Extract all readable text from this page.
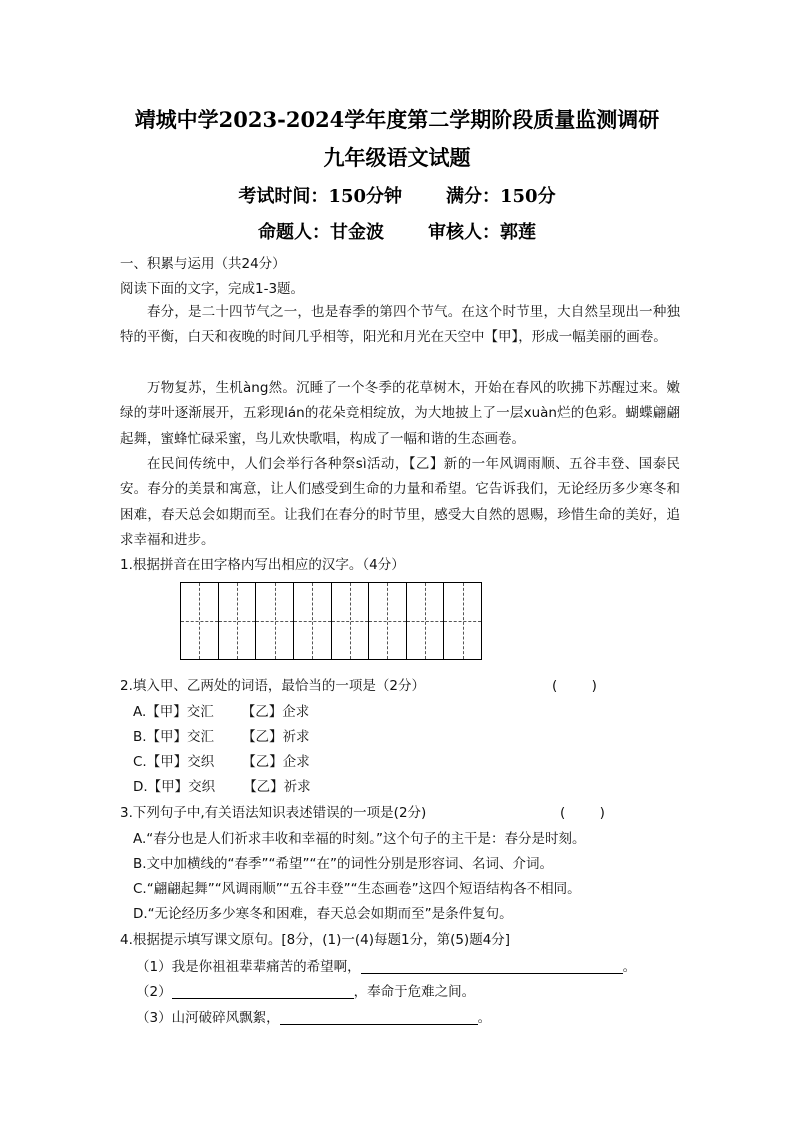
靖城中学2023-2024学年度第二学期阶段质量监测调研
九年级语文试题
考试时间：150分钟 满分：150分
命题人：甘金波 审核人：郭莲
一、积累与运用（共24分）
阅读下面的文字，完成1-3题。
春分，是二十四节气之一，也是春季的第四个节气。在这个时节里，大自然呈现出一种独特的平衡，白天和夜晚的时间几乎相等，阳光和月光在天空中【甲】，形成一幅美丽的画卷。
万物复苏，生机àng然。沉睡了一个冬季的花草树木，开始在春风的吹拂下苏醒过来。嫩绿的芽叶逐渐展开，五彩现lán的花朵竞相绽放，为大地披上了一层xuàn烂的色彩。蝴蝶翩翩起舞，蜜蜂忙碌采蜜，鸟儿欢快歌唱，构成了一幅和谐的生态画卷。
在民间传统中，人们会举行各种祭sì活动，【乙】新的一年风调雨顺、五谷丰登、国泰民安。春分的美景和寓意，让人们感受到生命的力量和希望。它告诉我们，无论经历多少寒冬和困难，春天总会如期而至。让我们在春分的时节里，感受大自然的恩赐，珍惜生命的美好，追求幸福和进步。
1.根据拼音在田字格内写出相应的汉字。（4分）
2.填入甲、乙两处的词语，最恰当的一项是（2分）	(        )
A.【甲】交汇 【乙】企求
B.【甲】交汇 【乙】祈求
C.【甲】交织 【乙】企求
D.【甲】交织 【乙】祈求
3.下列句子中,有关语法知识表述错误的一项是(2分)	(        )
A.“春分也是人们祈求丰收和幸福的时刻。”这个句子的主干是：春分是时刻。
B.文中加横线的“春季”“希望”“在”的词性分别是形容词、名词、介词。
C.“翩翩起舞”“风调雨顺”“五谷丰登”“生态画卷”这四个短语结构各不相同。
D.“无论经历多少寒冬和困难，春天总会如期而至”是条件复句。
4.根据提示填写课文原句。[8分，(1)一(4)每题1分，第(5)题4分]
（1）我是你祖祖辈辈痛苦的希望啊，	。
（2）	，奉命于危难之间。
（3）山河破碎风飘絮，	。
